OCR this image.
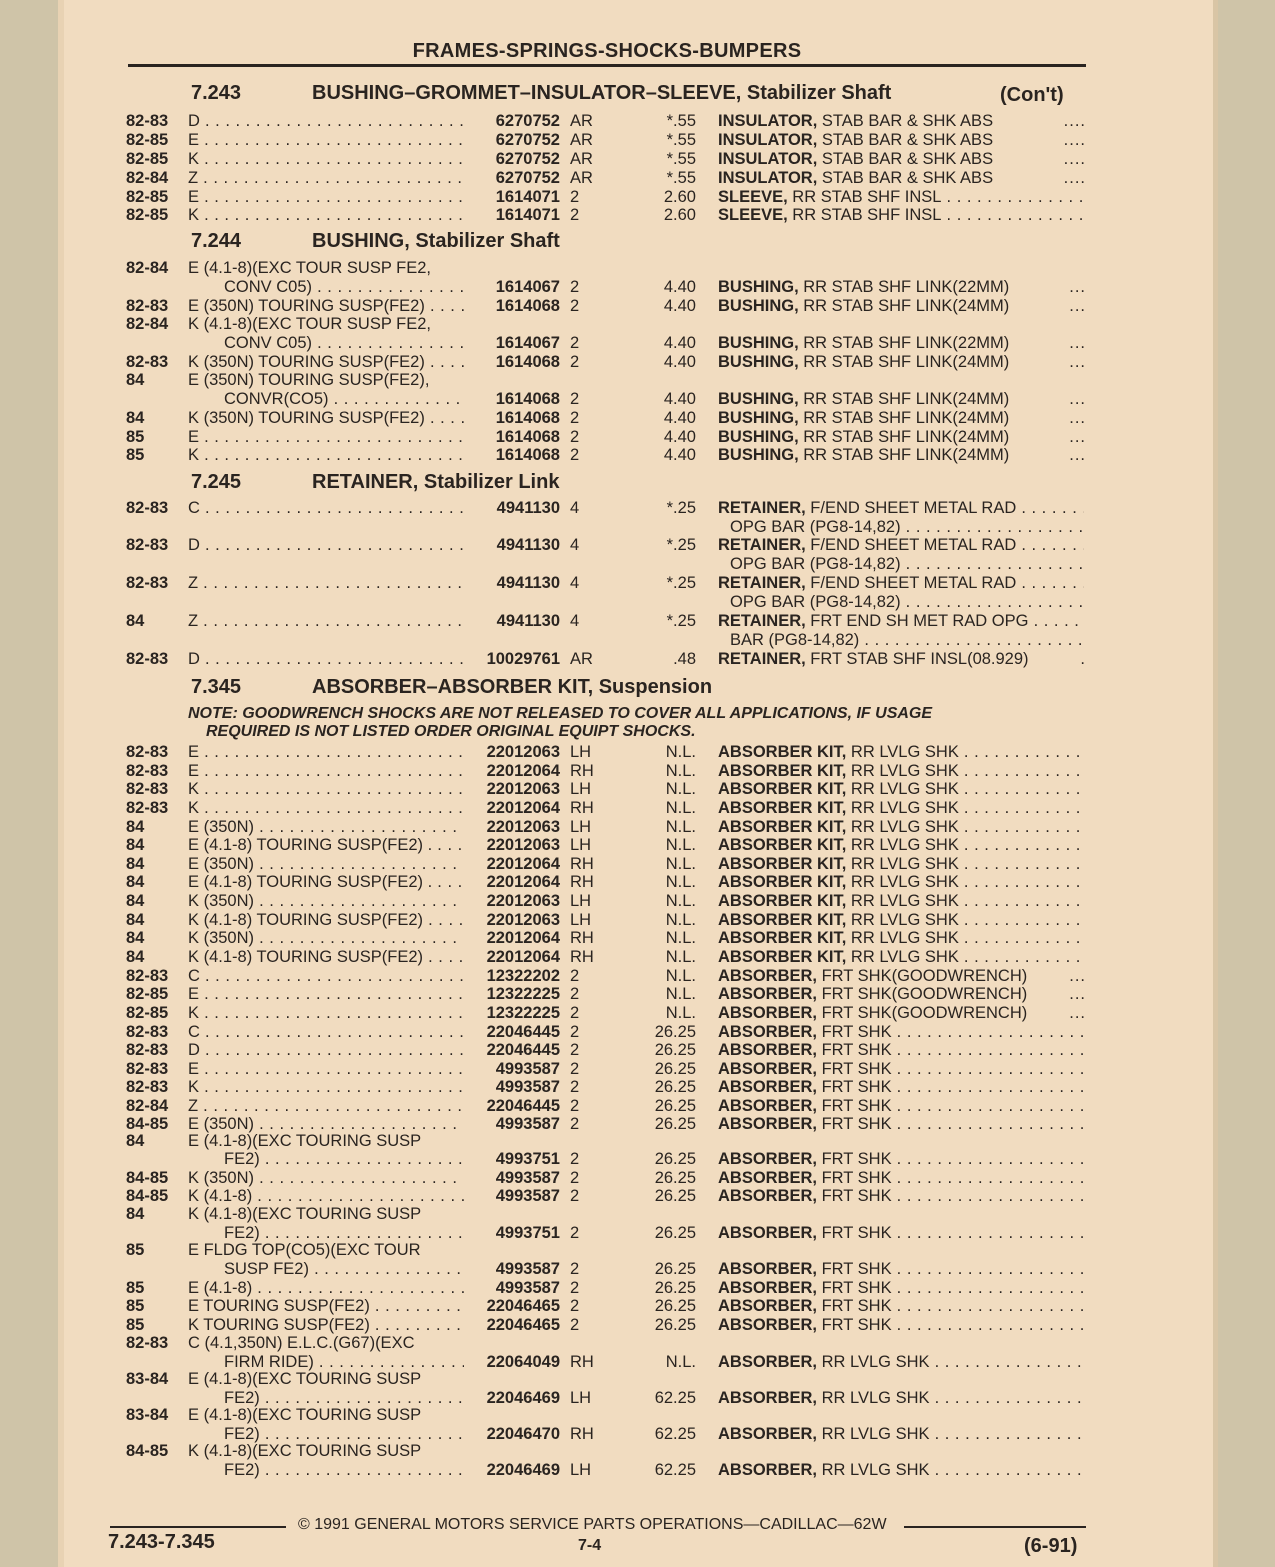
FRAMES-SPRINGS-SHOCKS-BUMPERS
7.243	BUSHING–GROMMET–INSULATOR–SLEEVE, Stabilizer Shaft	(Con't)
7.244	BUSHING, Stabilizer Shaft
7.245	RETAINER, Stabilizer Link
7.345	ABSORBER–ABSORBER KIT, Suspension
NOTE: GOODWRENCH SHOCKS ARE NOT RELEASED TO COVER ALL APPLICATIONS, IF USAGE
REQUIRED IS NOT LISTED ORDER ORIGINAL EQUIPT SHOCKS.
82-83 D . . .	6270752 AR	*.55 INSULATOR, STAB BAR & SHK ABS	....
82-85 E . . .	6270752 AR	*.55 INSULATOR, STAB BAR & SHK ABS	....
82-85 K . . .	6270752 AR	*.55 INSULATOR, STAB BAR & SHK ABS	....
82-84 Z . . .	6270752 AR	*.55 INSULATOR, STAB BAR & SHK ABS	....
82-85 E . . .	1614071 2	2.60 SLEEVE, RR STAB SHF INSL . . .
82-85 K . . .	1614071 2	2.60 SLEEVE, RR STAB SHF INSL . . .
82-84 E (4.1-8)(EXC TOUR SUSP FE2,
CONV C05) . . .	1614067 2	4.40 BUSHING, RR STAB SHF LINK(22MM)	...
82-83 E (350N) TOURING SUSP(FE2) . . .	1614068 2	4.40 BUSHING, RR STAB SHF LINK(24MM)	...
82-84 K (4.1-8)(EXC TOUR SUSP FE2,
CONV C05) . . .	1614067 2	4.40 BUSHING, RR STAB SHF LINK(22MM)	...
82-83 K (350N) TOURING SUSP(FE2) . . .	1614068 2	4.40 BUSHING, RR STAB SHF LINK(24MM)	...
84	E (350N) TOURING SUSP(FE2),
CONVR(CO5) . . .	1614068 2	4.40 BUSHING, RR STAB SHF LINK(24MM)	...
84	K (350N) TOURING SUSP(FE2) . . .	1614068 2	4.40 BUSHING, RR STAB SHF LINK(24MM)	...
85	E . . .	1614068 2	4.40 BUSHING, RR STAB SHF LINK(24MM)	...
85	K . . .	1614068 2	4.40 BUSHING, RR STAB SHF LINK(24MM)	...
82-83 C . . .	4941130 4	*.25 RETAINER, F/END SHEET METAL RAD . . .
OPG BAR (PG8-14,82) . . .
82-83 D . . .	4941130 4	*.25 RETAINER, F/END SHEET METAL RAD . . .
OPG BAR (PG8-14,82) . . .
82-83 Z . . .	4941130 4	*.25 RETAINER, F/END SHEET METAL RAD . . .
OPG BAR (PG8-14,82) . . .
84	Z . . .	4941130 4	*.25 RETAINER, FRT END SH MET RAD OPG . . .
BAR (PG8-14,82) . . .
82-83 D . . .	10029761 AR	.48 RETAINER, FRT STAB SHF INSL(08.929)	.
82-83 E . . .	22012063 LH	N.L. ABSORBER KIT, RR LVLG SHK . . .
82-83 E . . .	22012064 RH	N.L. ABSORBER KIT, RR LVLG SHK . . .
82-83 K . . .	22012063 LH	N.L. ABSORBER KIT, RR LVLG SHK . . .
82-83 K . . .	22012064 RH	N.L. ABSORBER KIT, RR LVLG SHK . . .
84	E (350N) . . .	22012063 LH	N.L. ABSORBER KIT, RR LVLG SHK . . .
84	E (4.1-8) TOURING SUSP(FE2) . . . .	22012063 LH	N.L. ABSORBER KIT, RR LVLG SHK . . .
84	E (350N) . . .	22012064 RH	N.L. ABSORBER KIT, RR LVLG SHK . . .
84	E (4.1-8) TOURING SUSP(FE2) . . . .	22012064 RH	N.L. ABSORBER KIT, RR LVLG SHK . . .
84	K (350N) . . .	22012063 LH	N.L. ABSORBER KIT, RR LVLG SHK . . .
84	K (4.1-8) TOURING SUSP(FE2) . . .	22012063 LH	N.L. ABSORBER KIT, RR LVLG SHK . . .
84	K (350N) . . .	22012064 RH	N.L. ABSORBER KIT, RR LVLG SHK . . .
84	K (4.1-8) TOURING SUSP(FE2) . . .	22012064 RH	N.L. ABSORBER KIT, RR LVLG SHK . . .
82-83 C . . .	12322202 2	N.L. ABSORBER, FRT SHK(GOODWRENCH)	...
82-85 E . . .	12322225 2	N.L. ABSORBER, FRT SHK(GOODWRENCH)	...
82-85 K . . .	12322225 2	N.L. ABSORBER, FRT SHK(GOODWRENCH)	...
82-83 C . . .	22046445 2	26.25 ABSORBER, FRT SHK . . .
82-83 D . . .	22046445 2	26.25 ABSORBER, FRT SHK . . .
82-83 E . . .	4993587 2	26.25 ABSORBER, FRT SHK . . .
82-83 K . . .	4993587 2	26.25 ABSORBER, FRT SHK . . .
82-84 Z . . .	22046445 2	26.25 ABSORBER, FRT SHK . . .
84-85 E (350N) . . .	4993587 2	26.25 ABSORBER, FRT SHK . . .
84	E (4.1-8)(EXC TOURING SUSP
FE2) . . .	4993751 2	26.25 ABSORBER, FRT SHK . . .
84-85 K (350N) . . .	4993587 2	26.25 ABSORBER, FRT SHK . . .
84-85 K (4.1-8) . . .	4993587 2	26.25 ABSORBER, FRT SHK . . .
84	K (4.1-8)(EXC TOURING SUSP
FE2) . . .	4993751 2	26.25 ABSORBER, FRT SHK . . .
85	E FLDG TOP(CO5)(EXC TOUR
SUSP FE2) . . .	4993587 2	26.25 ABSORBER, FRT SHK . . .
85	E (4.1-8) . . .	4993587 2	26.25 ABSORBER, FRT SHK . . .
85	E TOURING SUSP(FE2) . . .	22046465 2	26.25 ABSORBER, FRT SHK . . .
85	K TOURING SUSP(FE2) . . .	22046465 2	26.25 ABSORBER, FRT SHK . . .
82-83 C (4.1,350N) E.L.C.(G67)(EXC
FIRM RIDE) . . .	22064049 RH	N.L. ABSORBER, RR LVLG SHK . . .
83-84 E (4.1-8)(EXC TOURING SUSP
FE2) . . .	22046469 LH	62.25 ABSORBER, RR LVLG SHK . . .
83-84 E (4.1-8)(EXC TOURING SUSP
FE2) . . .	22046470 RH	62.25 ABSORBER, RR LVLG SHK . . .
84-85 K (4.1-8)(EXC TOURING SUSP
FE2) . . .	22046469 LH	62.25 ABSORBER, RR LVLG SHK . . .
© 1991 GENERAL MOTORS SERVICE PARTS OPERATIONS—CADILLAC—62W
7.243-7.345	7-4	(6-91)
